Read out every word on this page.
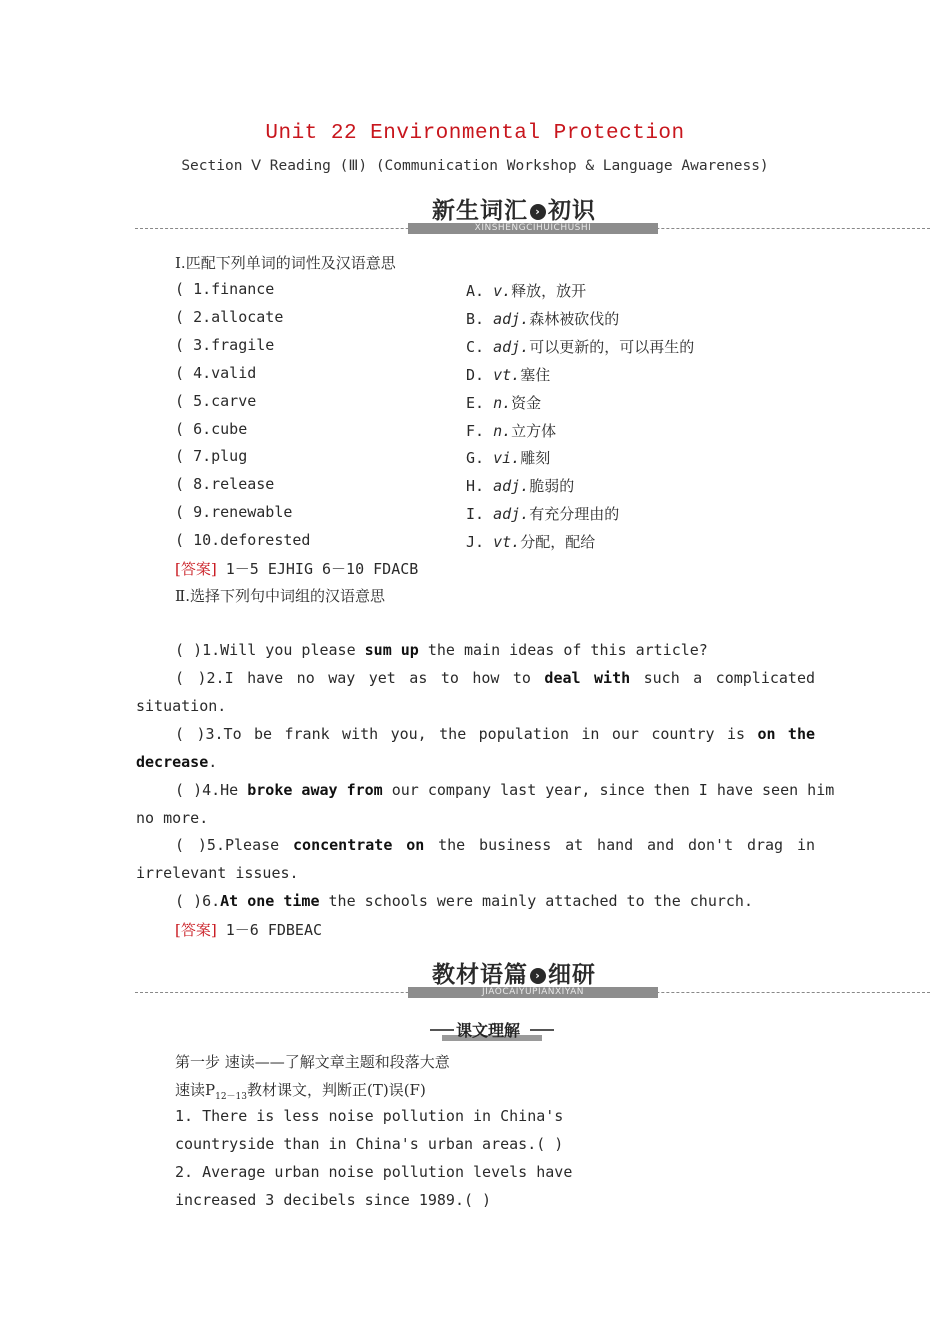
Unit 22 Environmental Protection
Section Ⅴ Reading (Ⅲ) (Communication Workshop & Language Awareness)
XINSHENGCIHUICHUSHI
新生词汇 › 初识
Ⅰ.匹配下列单词的词性及汉语意思
( 1.finance
( 2.allocate
( 3.fragile
( 4.valid
( 5.carve
( 6.cube
( 7.plug
( 8.release
( 9.renewable
( 10.deforested
A. v.释放，放开
B. adj.森林被砍伐的
C. adj.可以更新的，可以再生的
D. vt.塞住
E. n.资金
F. n.立方体
G. vi.雕刻
H. adj.脆弱的
I. adj.有充分理由的
J. vt.分配，配给
[答案] 1－5 EJHIG 6－10 FDACB
Ⅱ.选择下列句中词组的汉语意思
( )1.Will you please sum up the main ideas of this article?
( )2.I have no way yet as to how to deal with such a complicated
situation.
( )3.To be frank with you, the population in our country is on the
decrease.
( )4.He broke away from our company last year, since then I have seen him
no more.
( )5.Please concentrate on the business at hand and don't drag in
irrelevant issues.
( )6.At one time the schools were mainly attached to the church.
[答案] 1－6 FDBEAC
JIAOCAIYUPIANXIYAN
教材语篇 › 细研
课文理解
第一步 速读——了解文章主题和段落大意
速读$P_{12-13}$教材课文，判断正(T)误(F)
1. There is less noise pollution in China's
countryside than in China's urban areas.( )
2. Average urban noise pollution levels have
increased 3 decibels since 1989.( )
